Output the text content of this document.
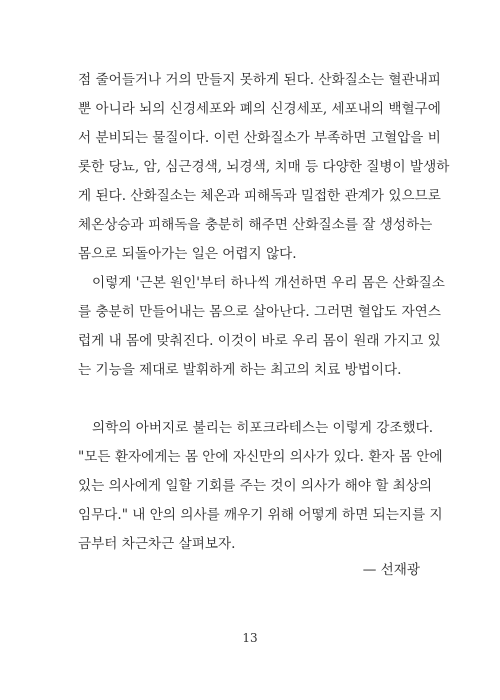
점 줄어들거나 거의 만들지 못하게 된다. 산화질소는 혈관내피
뿐 아니라 뇌의 신경세포와 폐의 신경세포, 세포내의 백혈구에
서 분비되는 물질이다. 이런 산화질소가 부족하면 고혈압을 비
롯한 당뇨, 암, 심근경색, 뇌경색, 치매 등 다양한 질병이 발생하
게 된다. 산화질소는 체온과 피해독과 밀접한 관계가 있으므로
체온상승과 피해독을 충분히 해주면 산화질소를 잘 생성하는
몸으로 되돌아가는 일은 어렵지 않다.
이렇게 '근본 원인'부터 하나씩 개선하면 우리 몸은 산화질소
를 충분히 만들어내는 몸으로 살아난다. 그러면 혈압도 자연스
럽게 내 몸에 맞춰진다. 이것이 바로 우리 몸이 원래 가지고 있
는 기능을 제대로 발휘하게 하는 최고의 치료 방법이다.
의학의 아버지로 불리는 히포크라테스는 이렇게 강조했다.
"모든 환자에게는 몸 안에 자신만의 의사가 있다. 환자 몸 안에
있는 의사에게 일할 기회를 주는 것이 의사가 해야 할 최상의
임무다." 내 안의 의사를 깨우기 위해 어떻게 하면 되는지를 지
금부터 차근차근 살펴보자.
— 선재광
13
